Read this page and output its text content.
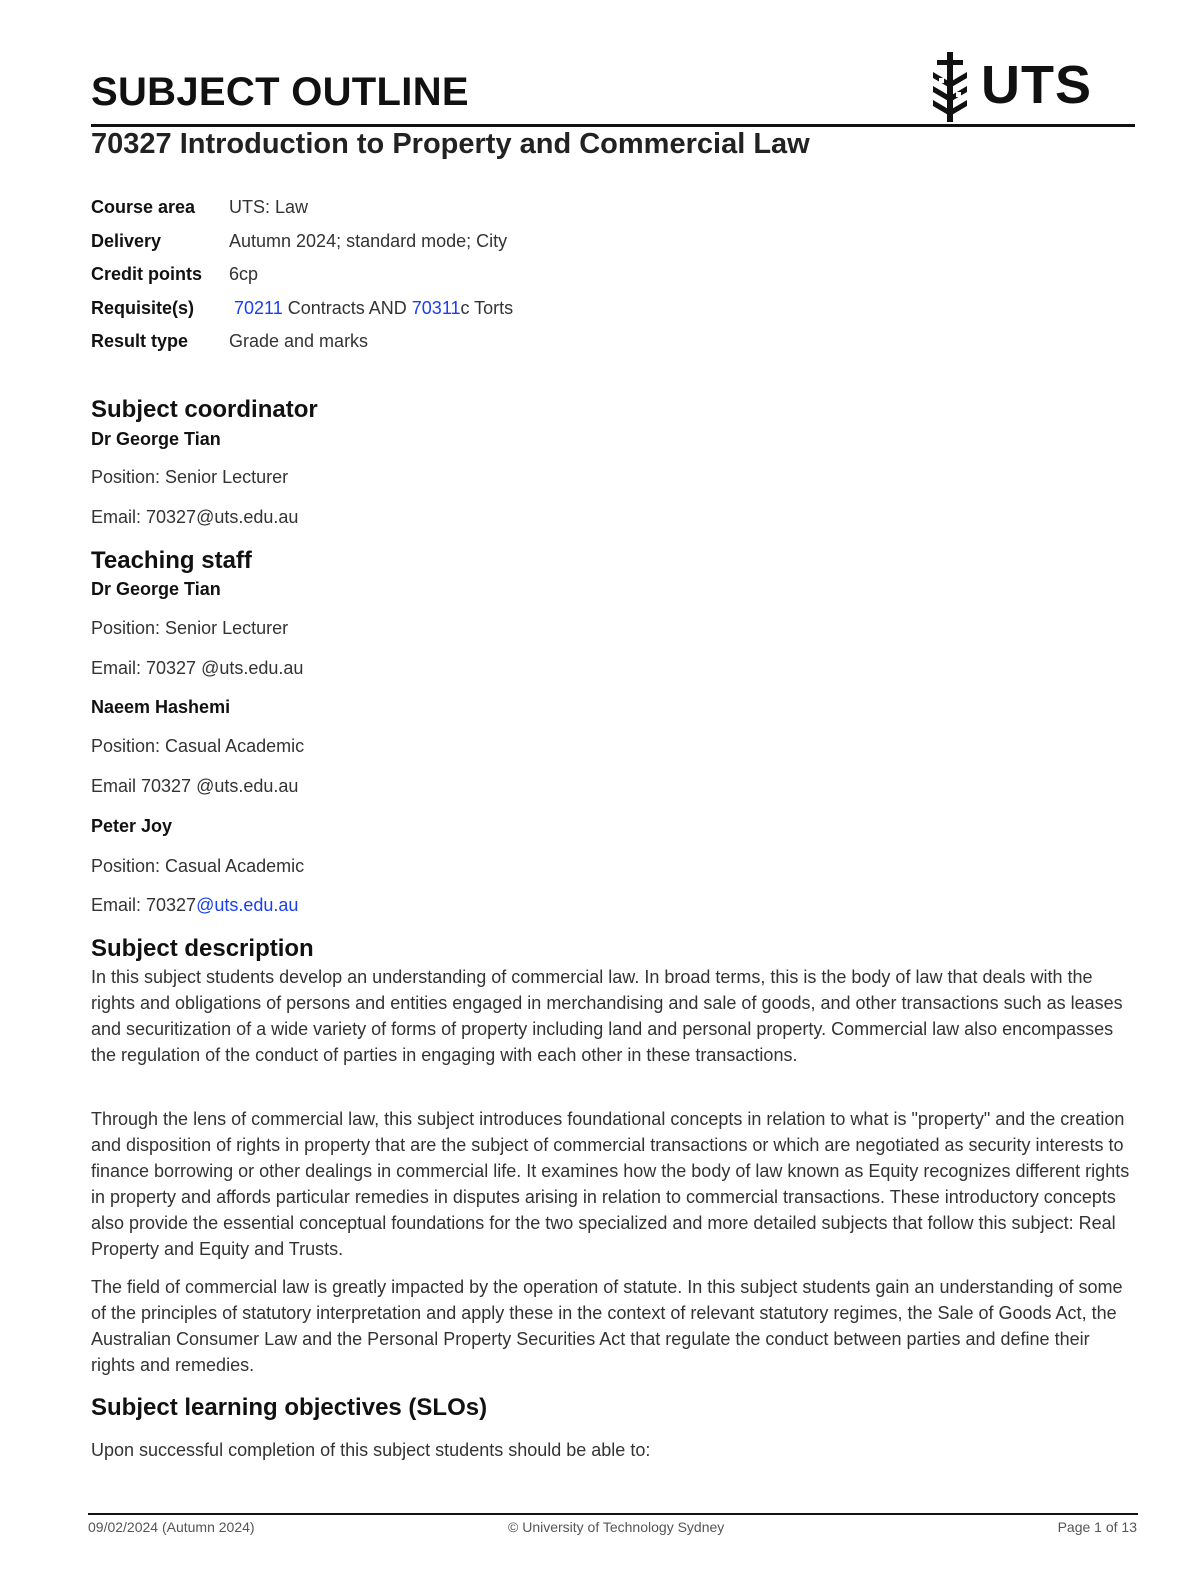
SUBJECT OUTLINE	UTS
70327 Introduction to Property and Commercial Law
Course area	UTS: Law
Delivery	Autumn 2024; standard mode; City
Credit points	6cp
Requisite(s)	70211 Contracts AND 70311c Torts
Result type	Grade and marks
Subject coordinator
Dr George Tian
Position: Senior Lecturer
Email: 70327@uts.edu.au
Teaching staff
Dr George Tian
Position: Senior Lecturer
Email: 70327 @uts.edu.au
Naeem Hashemi
Position: Casual Academic
Email 70327 @uts.edu.au
Peter Joy
Position: Casual Academic
Email: 70327@uts.edu.au
Subject description

In this subject students develop an understanding of commercial law. In broad terms, this is the body of law that deals with the rights and obligations of persons and entities engaged in merchandising and sale of goods, and other transactions such as leases and securitization of a wide variety of forms of property including land and personal property. Commercial law also encompasses the regulation of the conduct of parties in engaging with each other in these transactions.

Through the lens of commercial law, this subject introduces foundational concepts in relation to what is "property" and the creation and disposition of rights in property that are the subject of commercial transactions or which are negotiated as security interests to finance borrowing or other dealings in commercial life. It examines how the body of law known as Equity recognizes different rights in property and affords particular remedies in disputes arising in relation to commercial transactions. These introductory concepts also provide the essential conceptual foundations for the two specialized and more detailed subjects that follow this subject: Real Property and Equity and Trusts.

The field of commercial law is greatly impacted by the operation of statute. In this subject students gain an understanding of some of the principles of statutory interpretation and apply these in the context of relevant statutory regimes, the Sale of Goods Act, the Australian Consumer Law and the Personal Property Securities Act that regulate the conduct between parties and define their rights and remedies.

Subject learning objectives (SLOs)
Upon successful completion of this subject students should be able to:
09/02/2024 (Autumn 2024)	© University of Technology Sydney	Page 1 of 13
